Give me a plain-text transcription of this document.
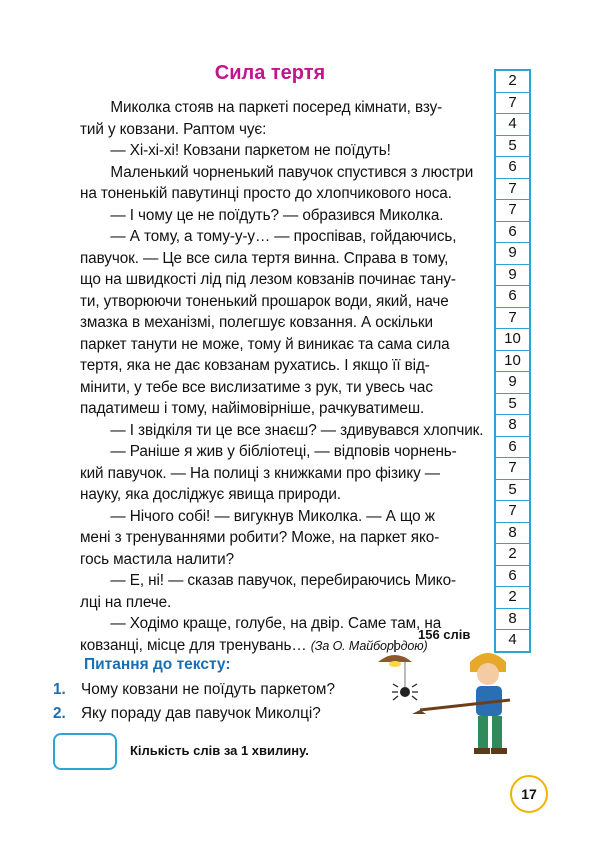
Сила тертя
  Миколка стояв на паркеті посеред кімнати, взу-
тий у ковзани. Раптом чує:
  — Хі-хі-хі! Ковзани паркетом не поїдуть!
  Маленький чорненький павучок спустився з люстри
на тоненькій павутинці просто до хлопчикового носа.
  — І чому це не поїдуть? — образився Миколка.
  — А тому, а тому-у-у… — проспівав, гойдаючись,
павучок. — Це все сила тертя винна. Справа в тому,
що на швидкості лід під лезом ковзанів починає тану-
ти, утворюючи тоненький прошарок води, який, наче
змазка в механізмі, полегшує ковзання. А оскільки
паркет танути не може, тому й виникає та сама сила
тертя, яка не дає ковзанам рухатись. І якщо її від-
мінити, у тебе все вислизатиме з рук, ти увесь час
падатимеш і тому, найімовірніше, рачкуватимеш.
  — І звідкіля ти це все знаєш? — здивувався хлопчик.
  — Раніше я жив у бібліотеці, — відповів чорнень-
кий павучок. — На полиці з книжками про фізику —
науку, яка досліджує явища природи.
  — Нічого собі! — вигукнув Миколка. — А що ж
мені з тренуваннями робити? Може, на паркет яко-
гось мастила налити?
  — Е, ні! — сказав павучок, перебираючись Мико-
лці на плече.
  — Ходімо краще, голубе, на двір. Саме там, на
ковзанці, місце для тренувань… (За О. Майбородою)
2
7
4
5
6
7
7
6
9
9
6
7
10
10
9
5
8
6
7
5
7
8
2
6
2
8
4
156 слів
Питання до тексту:
1. Чому ковзани не поїдуть паркетом?
2. Яку пораду дав павучок Миколці?
Кількість слів за 1 хвилину.
17
